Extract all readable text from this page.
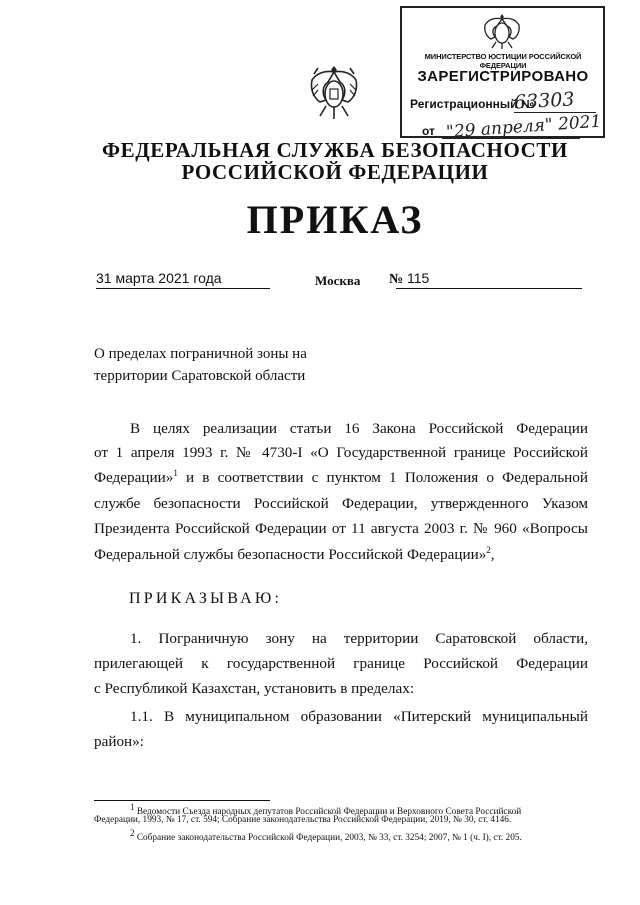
МИНИСТЕРСТВО ЮСТИЦИИ РОССИЙСКОЙ ФЕДЕРАЦИИ
ЗАРЕГИСТРИРОВАНО
Регистрационный №
63303
от "29 апреля" 2021
ФЕДЕРАЛЬНАЯ СЛУЖБА БЕЗОПАСНОСТИ
РОССИЙСКОЙ ФЕДЕРАЦИИ
ПРИКАЗ
31 марта 2021 года	Москва № 115
О пределах пограничной зоны на
территории Саратовской области
В целях реализации статьи 16 Закона Российской Федерации
от 1 апреля 1993 г. № 4730-I «О Государственной границе Российской
Федерации»$^1$ и в соответствии с пунктом 1 Положения о Федеральной
службе безопасности Российской Федерации, утвержденного Указом
Президента Российской Федерации от 11 августа 2003 г. № 960 «Вопросы
Федеральной службы безопасности Российской Федерации»$^2$,
ПРИКАЗЫВАЮ:
1. Пограничную зону на территории Саратовской области,
прилегающей к государственной границе Российской Федерации
с Республикой Казахстан, установить в пределах:
1.1. В муниципальном образовании «Питерский муниципальный
район»:
$^1$ Ведомости Съезда народных депутатов Российской Федерации и Верховного Совета Российской
Федерации, 1993, № 17, ст. 594; Собрание законодательства Российской Федерации, 2019, № 30, ст. 4146.
$^2$ Собрание законодательства Российской Федерации, 2003, № 33, ст. 3254; 2007, № 1 (ч. I), ст. 205.
